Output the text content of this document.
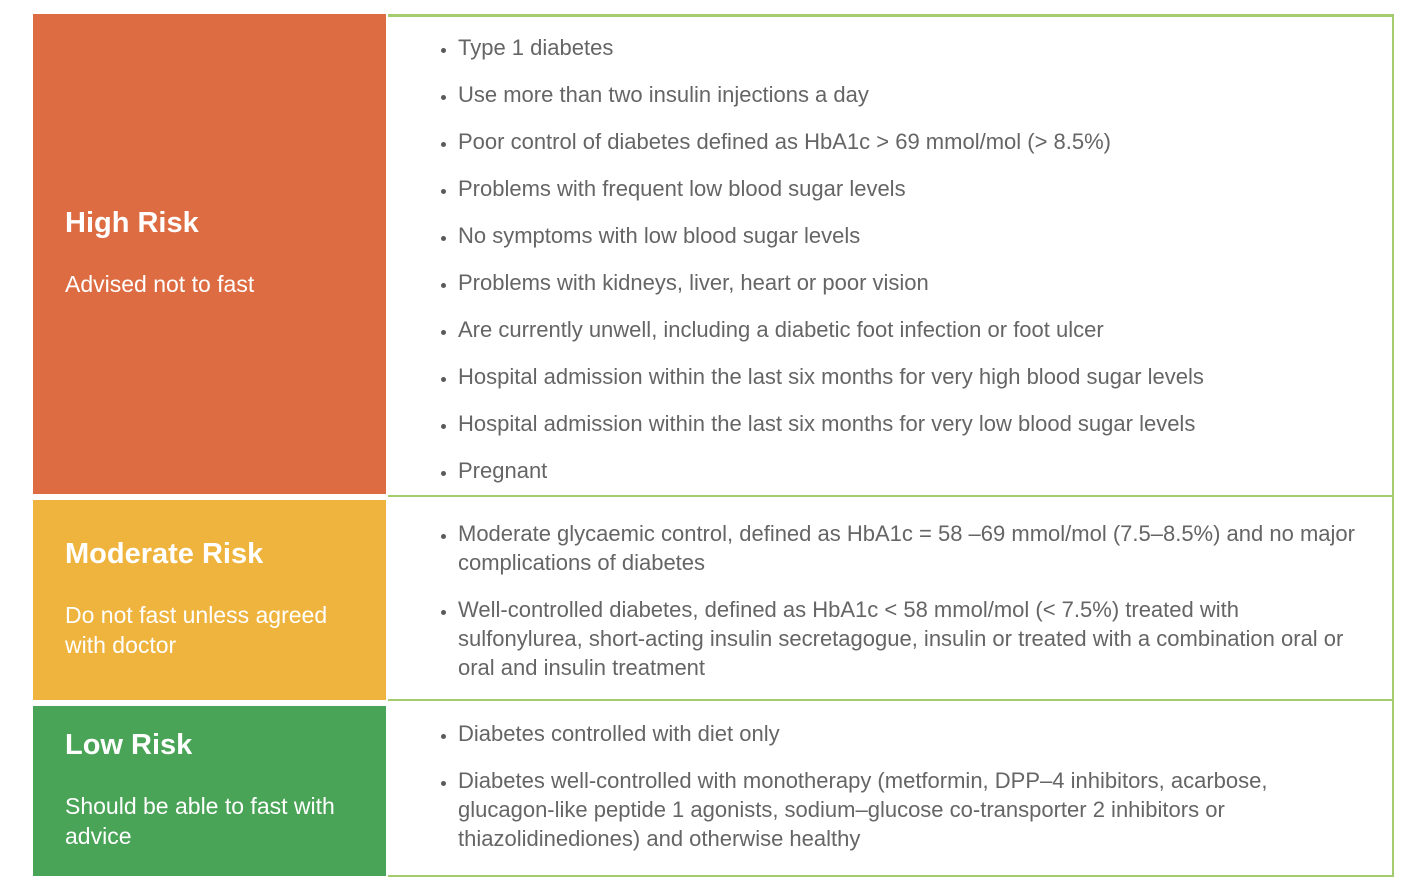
High Risk
Advised not to fast
• Type 1 diabetes
• Use more than two insulin injections a day
• Poor control of diabetes defined as HbA1c > 69 mmol/mol (> 8.5%)
• Problems with frequent low blood sugar levels
• No symptoms with low blood sugar levels
• Problems with kidneys, liver, heart or poor vision
• Are currently unwell, including a diabetic foot infection or foot ulcer
• Hospital admission within the last six months for very high blood sugar levels
• Hospital admission within the last six months for very low blood sugar levels
• Pregnant
Moderate Risk
Do not fast unless agreed with doctor
• Moderate glycaemic control, defined as HbA1c = 58 –69 mmol/mol (7.5–8.5%) and no major complications of diabetes
• Well-controlled diabetes, defined as HbA1c < 58 mmol/mol (< 7.5%) treated with sulfonylurea, short-acting insulin secretagogue, insulin or treated with a combination oral or oral and insulin treatment
Low Risk
Should be able to fast with advice
• Diabetes controlled with diet only
• Diabetes well-controlled with monotherapy (metformin, DPP–4 inhibitors, acarbose, glucagon-like peptide 1 agonists, sodium–glucose co-transporter 2 inhibitors or thiazolidinediones) and otherwise healthy
